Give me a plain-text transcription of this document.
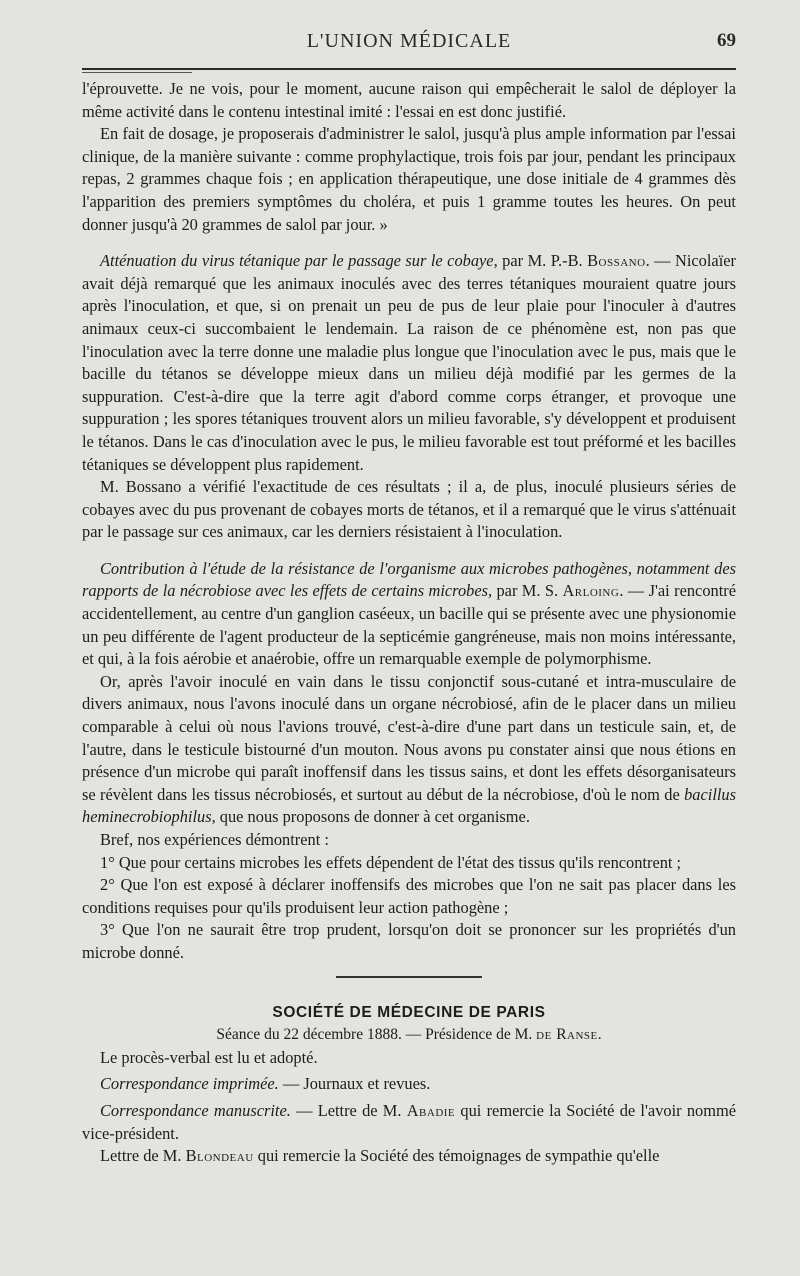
L'UNION MÉDICALE	69

l'éprouvette. Je ne vois, pour le moment, aucune raison qui empêcherait le salol de déployer la même activité dans le contenu intestinal imité : l'essai en est donc justifié.

En fait de dosage, je proposerais d'administrer le salol, jusqu'à plus ample information par l'essai clinique, de la manière suivante : comme prophylactique, trois fois par jour, pendant les principaux repas, 2 grammes chaque fois ; en application thérapeutique, une dose initiale de 4 grammes dès l'apparition des premiers symptômes du choléra, et puis 1 gramme toutes les heures. On peut donner jusqu'à 20 grammes de salol par jour. »

Atténuation du virus tétanique par le passage sur le cobaye, par M. P.-B. Bossano. — Nicolaïer avait déjà remarqué que les animaux inoculés avec des terres tétaniques mouraient quatre jours après l'inoculation, et que, si on prenait un peu de pus de leur plaie pour l'inoculer à d'autres animaux ceux-ci succombaient le lendemain. La raison de ce phénomène est, non pas que l'inoculation avec la terre donne une maladie plus longue que l'inoculation avec le pus, mais que le bacille du tétanos se développe mieux dans un milieu déjà modifié par les germes de la suppuration. C'est-à-dire que la terre agit d'abord comme corps étranger, et provoque une suppuration ; les spores tétaniques trouvent alors un milieu favorable, s'y développent et produisent le tétanos. Dans le cas d'inoculation avec le pus, le milieu favorable est tout préformé et les bacilles tétaniques se développent plus rapidement.

M. Bossano a vérifié l'exactitude de ces résultats ; il a, de plus, inoculé plusieurs séries de cobayes avec du pus provenant de cobayes morts de tétanos, et il a remarqué que le virus s'atténuait par le passage sur ces animaux, car les derniers résistaient à l'inoculation.

Contribution à l'étude de la résistance de l'organisme aux microbes pathogènes, notamment des rapports de la nécrobiose avec les effets de certains microbes, par M. S. Arloing. — J'ai rencontré accidentellement, au centre d'un ganglion caséeux, un bacille qui se présente avec une physionomie un peu différente de l'agent producteur de la septicémie gangréneuse, mais non moins intéressante, et qui, à la fois aérobie et anaérobie, offre un remarquable exemple de polymorphisme.

Or, après l'avoir inoculé en vain dans le tissu conjonctif sous-cutané et intra-musculaire de divers animaux, nous l'avons inoculé dans un organe nécrobiosé, afin de le placer dans un milieu comparable à celui où nous l'avions trouvé, c'est-à-dire d'une part dans un testicule sain, et, de l'autre, dans le testicule bistourné d'un mouton. Nous avons pu constater ainsi que nous étions en présence d'un microbe qui paraît inoffensif dans les tissus sains, et dont les effets désorganisateurs se révèlent dans les tissus nécrobiosés, et surtout au début de la nécrobiose, d'où le nom de bacillus heminecrobiophilus, que nous proposons de donner à cet organisme.

Bref, nos expériences démontrent :

1° Que pour certains microbes les effets dépendent de l'état des tissus qu'ils rencontrent ;

2° Que l'on est exposé à déclarer inoffensifs des microbes que l'on ne sait pas placer dans les conditions requises pour qu'ils produisent leur action pathogène ;

3° Que l'on ne saurait être trop prudent, lorsqu'on doit se prononcer sur les propriétés d'un microbe donné.

SOCIÉTÉ DE MÉDECINE DE PARIS

Séance du 22 décembre 1888. — Présidence de M. de Ranse.

Le procès-verbal est lu et adopté.

Correspondance imprimée. — Journaux et revues.

Correspondance manuscrite. — Lettre de M. Abadie qui remercie la Société de l'avoir nommé vice-président.

Lettre de M. Blondeau qui remercie la Société des témoignages de sympathie qu'elle
